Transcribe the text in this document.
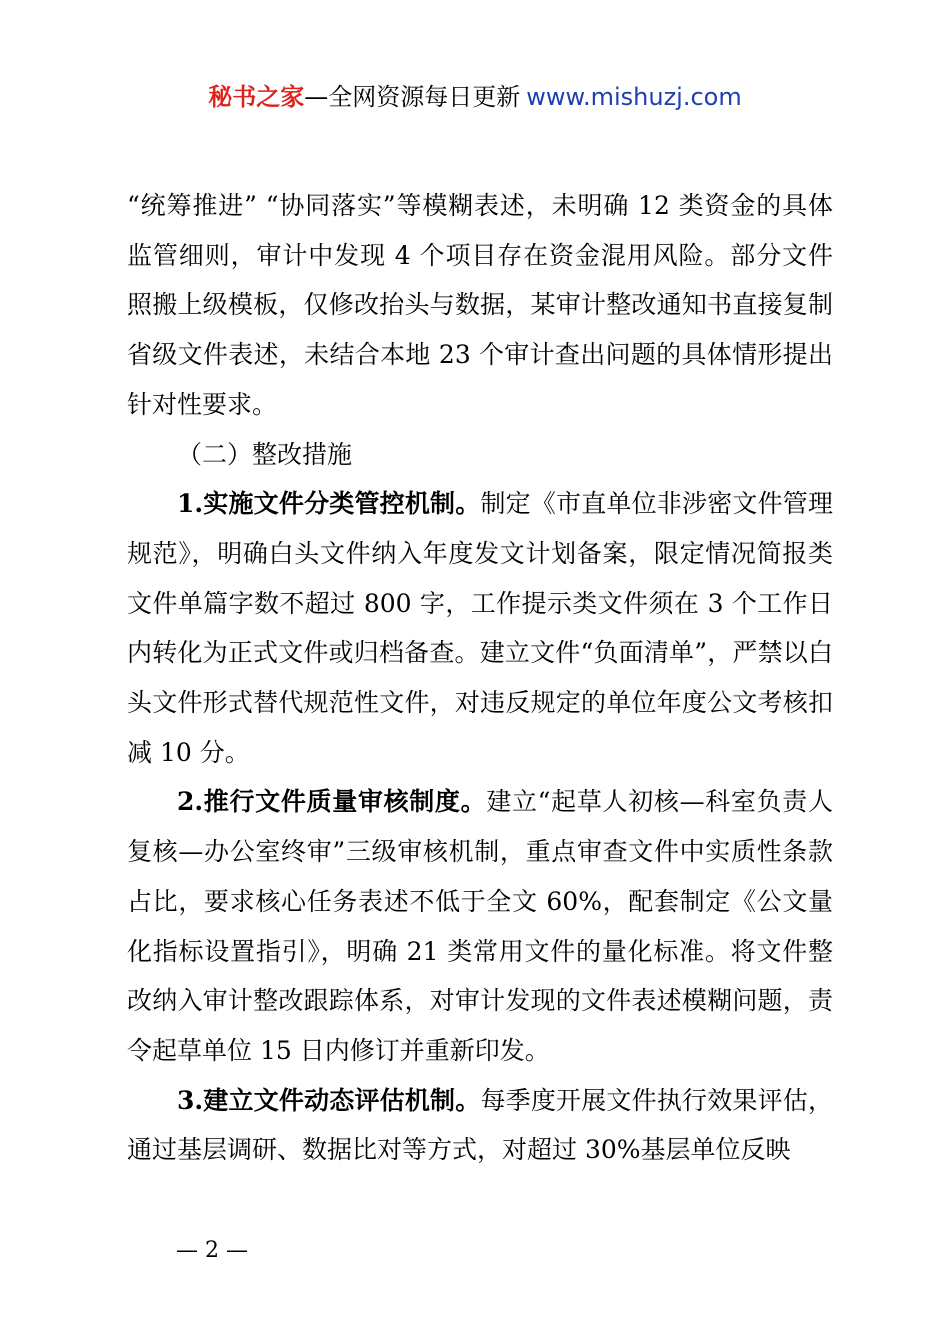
秘书之家—全网资源每日更新 www.mishuzj.com

“统筹推进” “协同落实”等模糊表述，未明确 12 类资金的具体监管细则，审计中发现 4 个项目存在资金混用风险。部分文件照搬上级模板，仅修改抬头与数据，某审计整改通知书直接复制省级文件表述，未结合本地 23 个审计查出问题的具体情形提出针对性要求。

（二）整改措施

1.实施文件分类管控机制。制定《市直单位非涉密文件管理规范》，明确白头文件纳入年度发文计划备案，限定情况简报类文件单篇字数不超过 800 字，工作提示类文件须在 3 个工作日内转化为正式文件或归档备查。建立文件“负面清单”，严禁以白头文件形式替代规范性文件，对违反规定的单位年度公文考核扣减 10 分。

2.推行文件质量审核制度。建立“起草人初核—科室负责人复核—办公室终审”三级审核机制，重点审查文件中实质性条款占比，要求核心任务表述不低于全文 60%，配套制定《公文量化指标设置指引》，明确 21 类常用文件的量化标准。将文件整改纳入审计整改跟踪体系，对审计发现的文件表述模糊问题，责令起草单位 15 日内修订并重新印发。

3.建立文件动态评估机制。每季度开展文件执行效果评估，通过基层调研、数据比对等方式，对超过 30%基层单位反映

— 2 —
